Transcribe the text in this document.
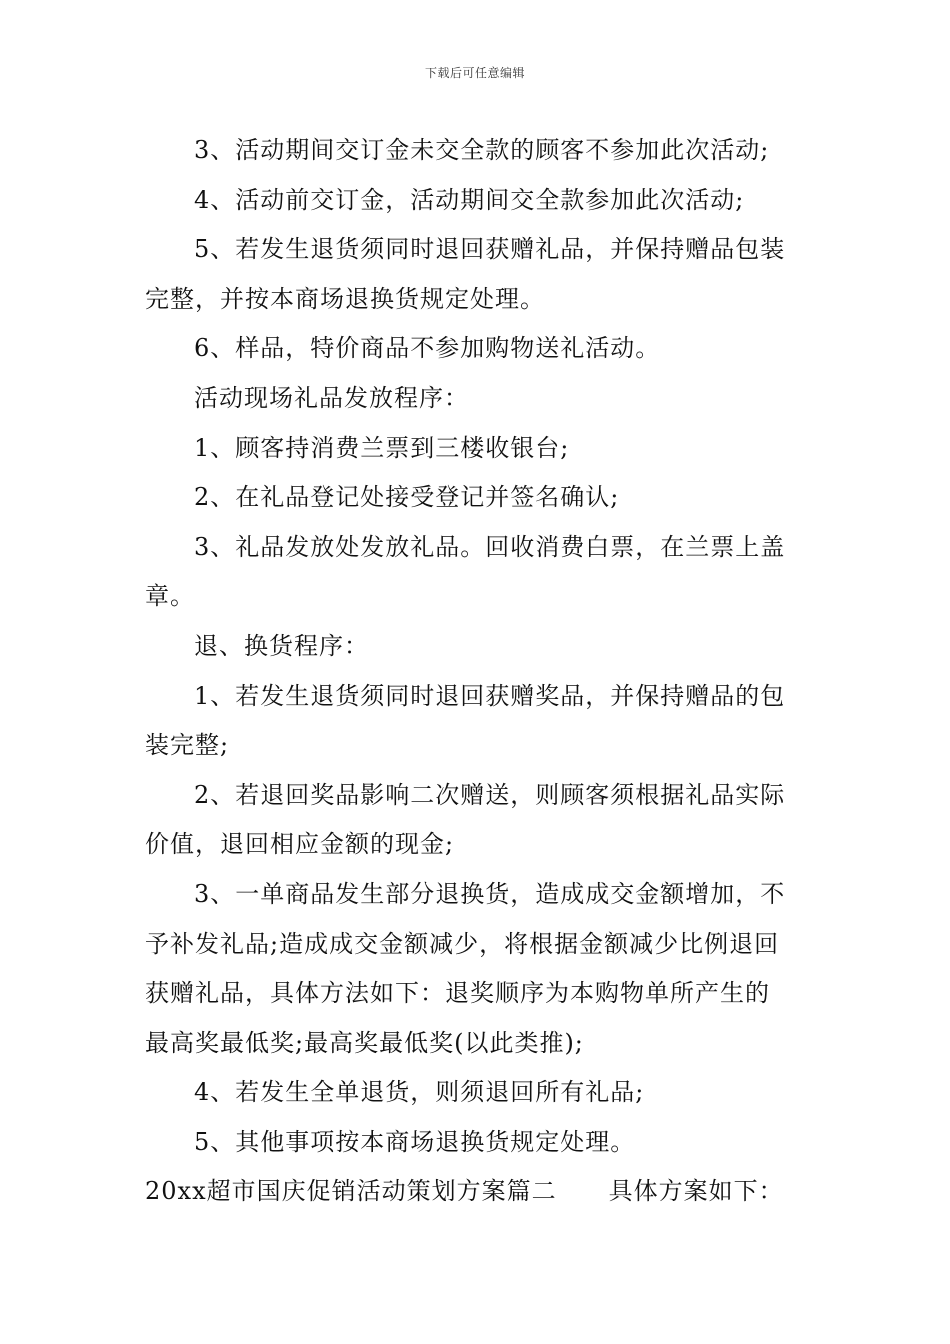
下载后可任意编辑
3、活动期间交订金未交全款的顾客不参加此次活动;
4、活动前交订金，活动期间交全款参加此次活动;
5、若发生退货须同时退回获赠礼品，并保持赠品包装
完整，并按本商场退换货规定处理。
6、样品，特价商品不参加购物送礼活动。
活动现场礼品发放程序：
1、顾客持消费兰票到三楼收银台;
2、在礼品登记处接受登记并签名确认;
3、礼品发放处发放礼品。回收消费白票，在兰票上盖
章。
退、换货程序：
1、若发生退货须同时退回获赠奖品，并保持赠品的包
装完整;
2、若退回奖品影响二次赠送，则顾客须根据礼品实际
价值，退回相应金额的现金;
3、一单商品发生部分退换货，造成成交金额增加，不
予补发礼品;造成成交金额减少，将根据金额减少比例退回
获赠礼品，具体方法如下：退奖顺序为本购物单所产生的
最高奖最低奖;最高奖最低奖(以此类推);
4、若发生全单退货，则须退回所有礼品;
5、其他事项按本商场退换货规定处理。
20xx超市国庆促销活动策划方案篇二 具体方案如下：
